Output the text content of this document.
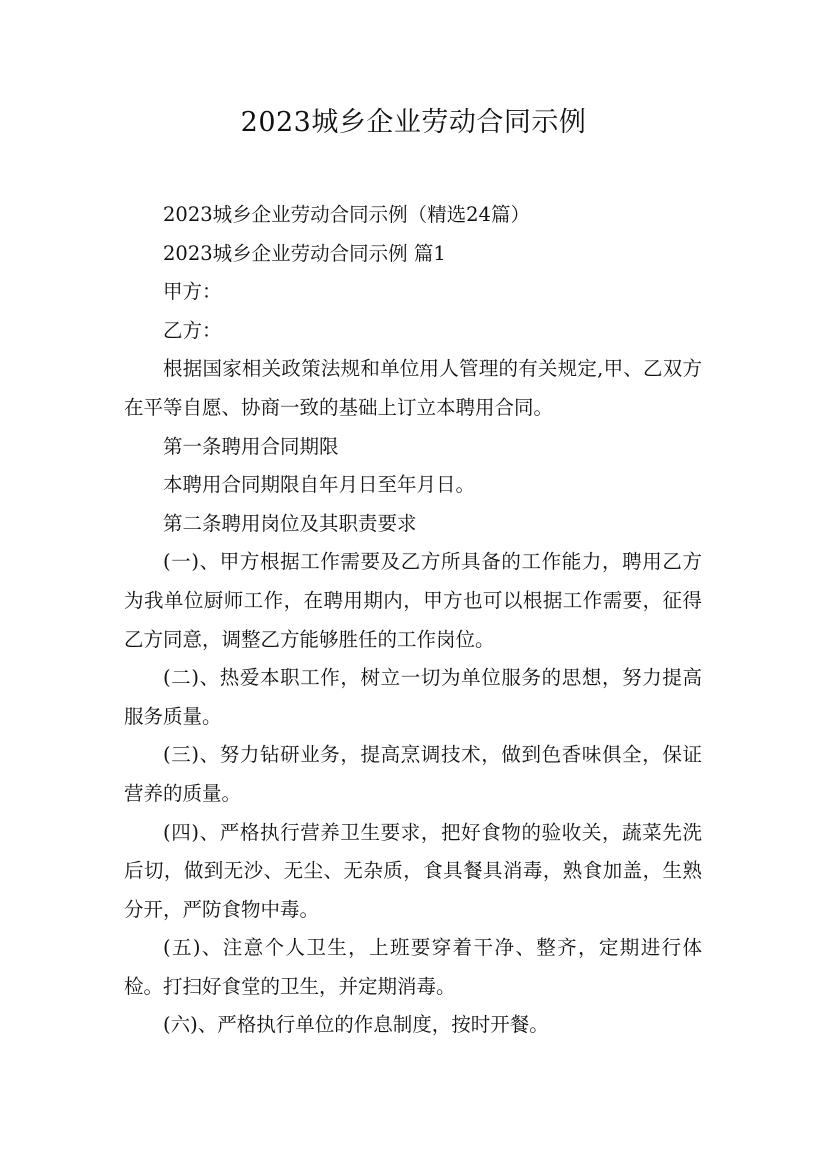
2023城乡企业劳动合同示例

2023城乡企业劳动合同示例（精选24篇）

2023城乡企业劳动合同示例 篇1

甲方：

乙方：

根据国家相关政策法规和单位用人管理的有关规定,甲、乙双方在平等自愿、协商一致的基础上订立本聘用合同。

第一条聘用合同期限

本聘用合同期限自年月日至年月日。

第二条聘用岗位及其职责要求

(一)、甲方根据工作需要及乙方所具备的工作能力，聘用乙方为我单位厨师工作，在聘用期内，甲方也可以根据工作需要，征得乙方同意，调整乙方能够胜任的工作岗位。

(二)、热爱本职工作，树立一切为单位服务的思想，努力提高服务质量。

(三)、努力钻研业务，提高烹调技术，做到色香味俱全，保证营养的质量。

(四)、严格执行营养卫生要求，把好食物的验收关，蔬菜先洗后切，做到无沙、无尘、无杂质，食具餐具消毒，熟食加盖，生熟分开，严防食物中毒。

(五)、注意个人卫生，上班要穿着干净、整齐，定期进行体检。打扫好食堂的卫生，并定期消毒。

(六)、严格执行单位的作息制度，按时开餐。
